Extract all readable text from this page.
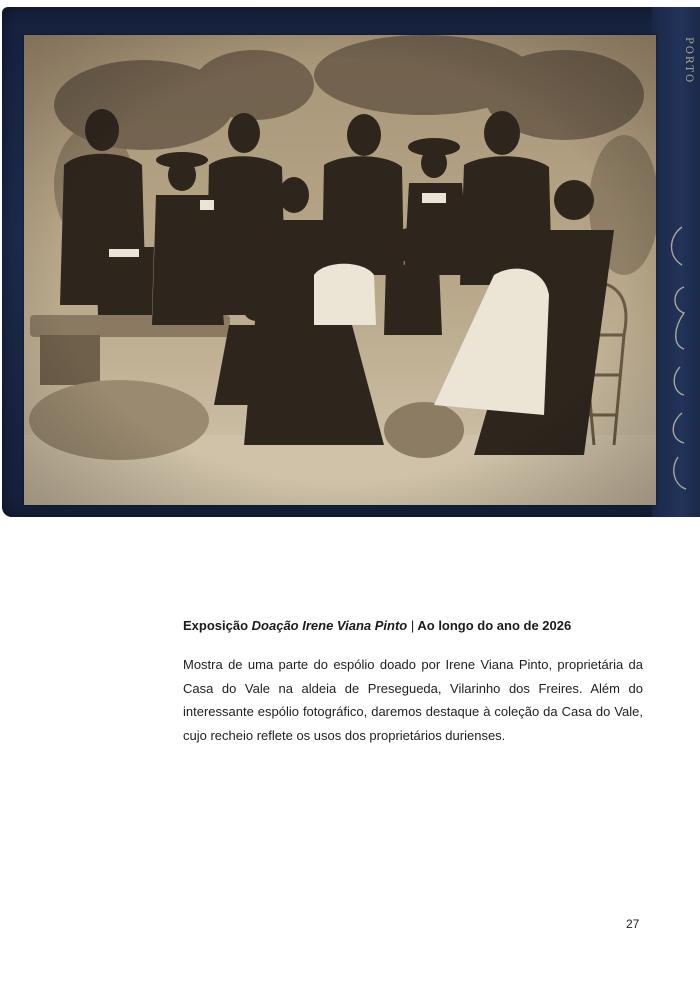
PORTO
Exposição Doação Irene Viana Pinto | Ao longo do ano de 2026

Mostra de uma parte do espólio doado por Irene Viana Pinto, proprietária da Casa do Vale na aldeia de Presegueda, Vilarinho dos Freires. Além do interessante espólio fotográfico, daremos destaque à coleção da Casa do Vale, cujo recheio reflete os usos dos proprietários durienses.

27
